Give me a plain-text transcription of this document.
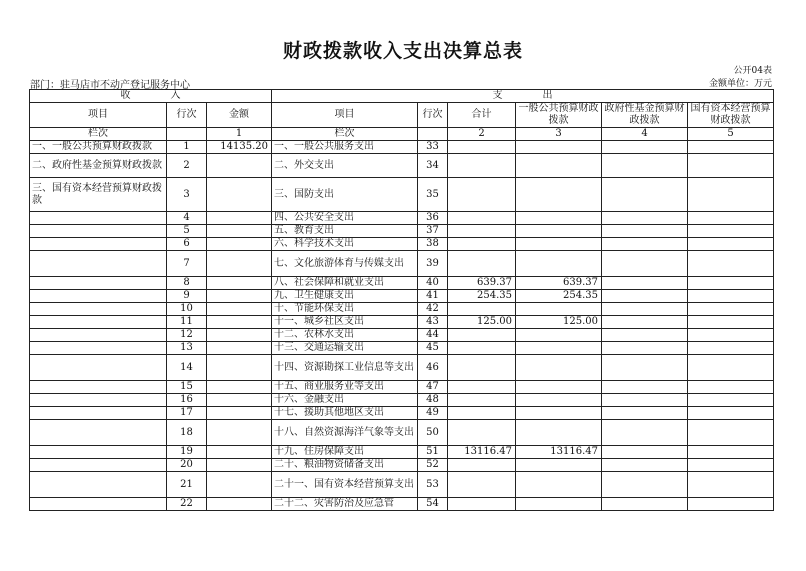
财政拨款收入支出决算总表
公开04表
金额单位：万元
部门：驻马店市不动产登记服务中心
收入			支出					
项目	行次	金额	项目	行次	合计	一般公共预算财政拨款	政府性基金预算财政拨款	国有资本经营预算财政拨款
栏次		1	栏次		2	3	4	5
一、一般公共预算财政拨款	1	14135.20	一、一般公共服务支出	33				
二、政府性基金预算财政拨款	2		二、外交支出	34				
三、国有资本经营预算财政拨款	3		三、国防支出	35				
	4		四、公共安全支出	36				
	5		五、教育支出	37				
	6		六、科学技术支出	38				
	7		七、文化旅游体育与传媒支出	39				
	8		八、社会保障和就业支出	40	639.37	639.37		
	9		九、卫生健康支出	41	254.35	254.35		
	10		十、节能环保支出	42				
	11		十一、城乡社区支出	43	125.00	125.00		
	12		十二、农林水支出	44				
	13		十三、交通运输支出	45				
	14		十四、资源勘探工业信息等支出	46				
	15		十五、商业服务业等支出	47				
	16		十六、金融支出	48				
	17		十七、援助其他地区支出	49				
	18		十八、自然资源海洋气象等支出	50				
	19		十九、住房保障支出	51	13116.47	13116.47		
	20		二十、粮油物资储备支出	52				
	21		二十一、国有资本经营预算支出	53				
	22		二十二、灾害防治及应急管	54				
